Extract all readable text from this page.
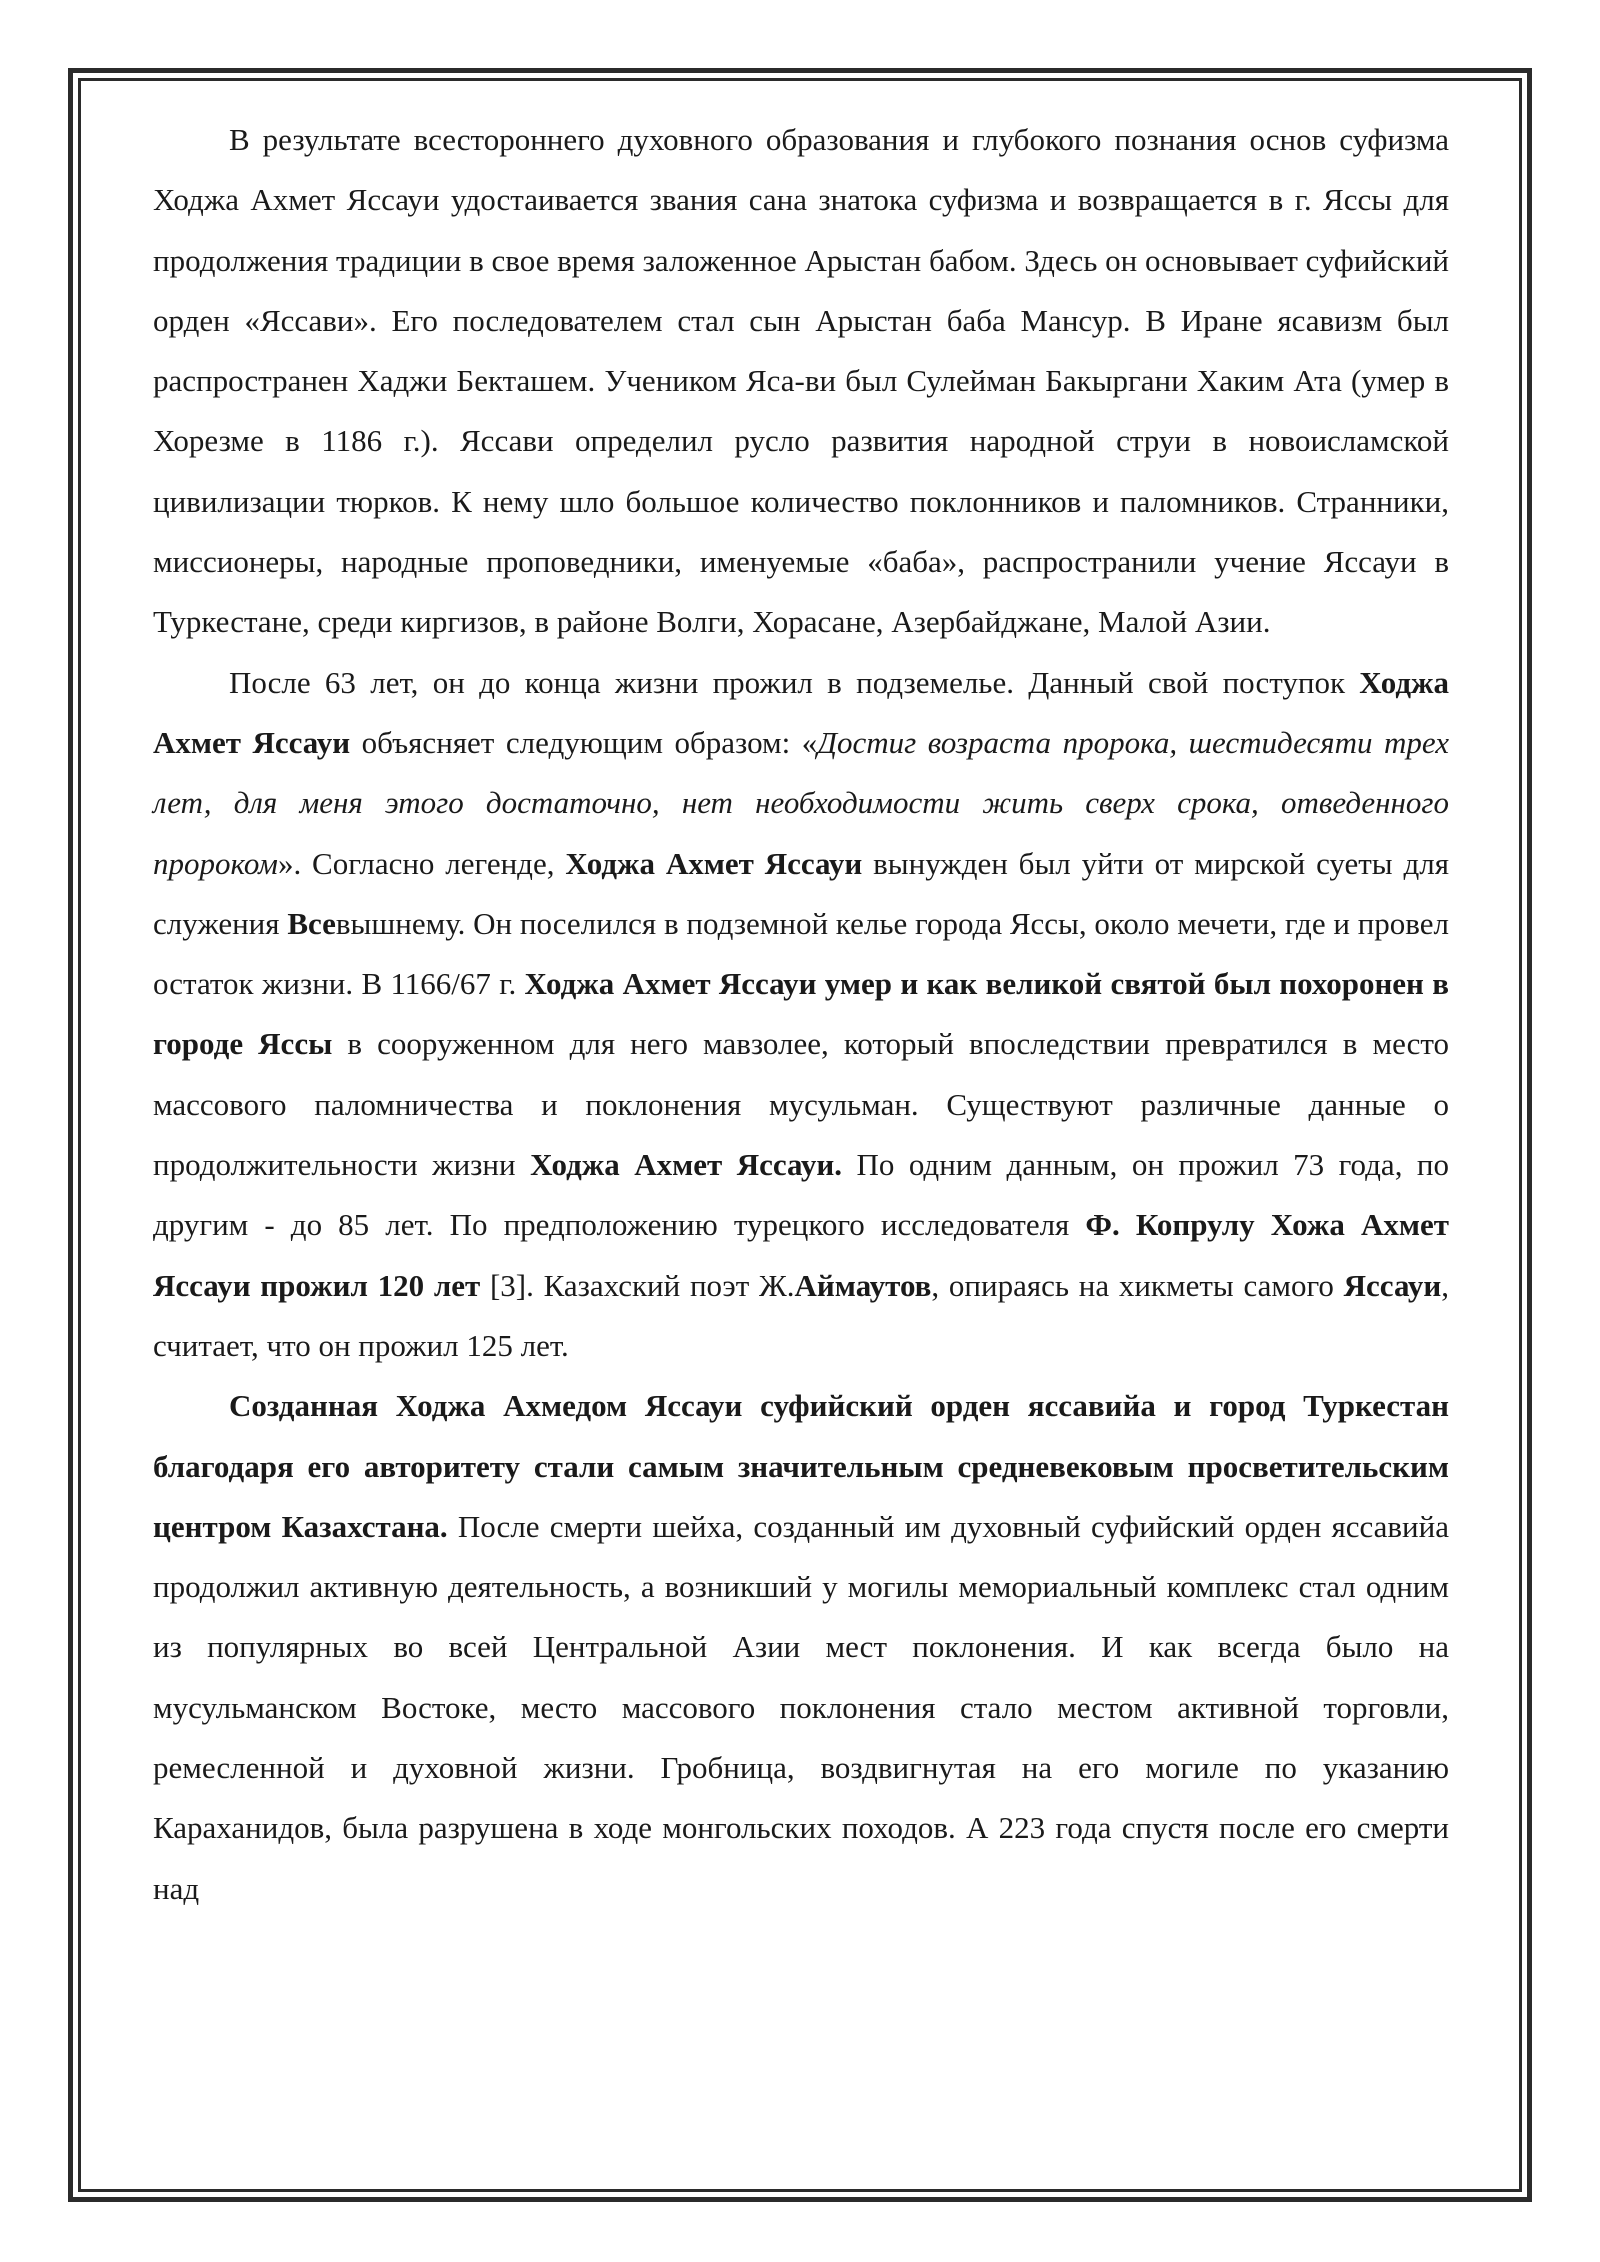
В результате всестороннего духовного образования и глубокого познания основ суфизма Ходжа Ахмет Яссауи удостаивается звания сана знатока суфизма и возвращается в г. Яссы для продолжения традиции в свое время заложенное Арыстан бабом. Здесь он основывает суфийский орден «Яссави». Его последователем стал сын Арыстан баба Мансур. В Иране ясавизм был распространен Хаджи Бекташем. Учеником Яса-ви был Сулейман Бакыргани Хаким Ата (умер в Хорезме в 1186 г.). Яссави определил русло развития народной струи в новоисламской цивилизации тюрков. К нему шло большое количество поклонников и паломников. Странники, миссионеры, народные проповедники, именуемые «баба», распространили учение Яссауи в Туркестане, среди киргизов, в районе Волги, Хорасане, Азербайджане, Малой Азии.

После 63 лет, он до конца жизни прожил в подземелье. Данный свой поступок Ходжа Ахмет Яссауи объясняет следующим образом: «Достиг возраста пророка, шестидесяти трех лет, для меня этого достаточно, нет необходимости жить сверх срока, отведенного пророком». Согласно легенде, Ходжа Ахмет Яссауи вынужден был уйти от мирской суеты для служения Всевышнему. Он поселился в подземной келье города Яссы, около мечети, где и провел остаток жизни. В 1166/67 г. Ходжа Ахмет Яссауи умер и как великой святой был похоронен в городе Яссы в сооруженном для него мавзолее, который впоследствии превратился в место массового паломничества и поклонения мусульман. Существуют различные данные о продолжительности жизни Ходжа Ахмет Яссауи. По одним данным, он прожил 73 года, по другим - до 85 лет. По предположению турецкого исследователя Ф. Копрулу Хожа Ахмет Яссауи прожил 120 лет [3]. Казахский поэт Ж.Аймаутов, опираясь на хикметы самого Яссауи, считает, что он прожил 125 лет.

Созданная Ходжа Ахмедом Яссауи суфийский орден яссавийа и город Туркестан благодаря его авторитету стали самым значительным средневековым просветительским центром Казахстана. После смерти шейха, созданный им духовный суфийский орден яссавийа продолжил активную деятельность, а возникший у могилы мемориальный комплекс стал одним из популярных во всей Центральной Азии мест поклонения. И как всегда было на мусульманском Востоке, место массового поклонения стало местом активной торговли, ремесленной и духовной жизни. Гробница, воздвигнутая на его могиле по указанию Караханидов, была разрушена в ходе монгольских походов. А 223 года спустя после его смерти над
